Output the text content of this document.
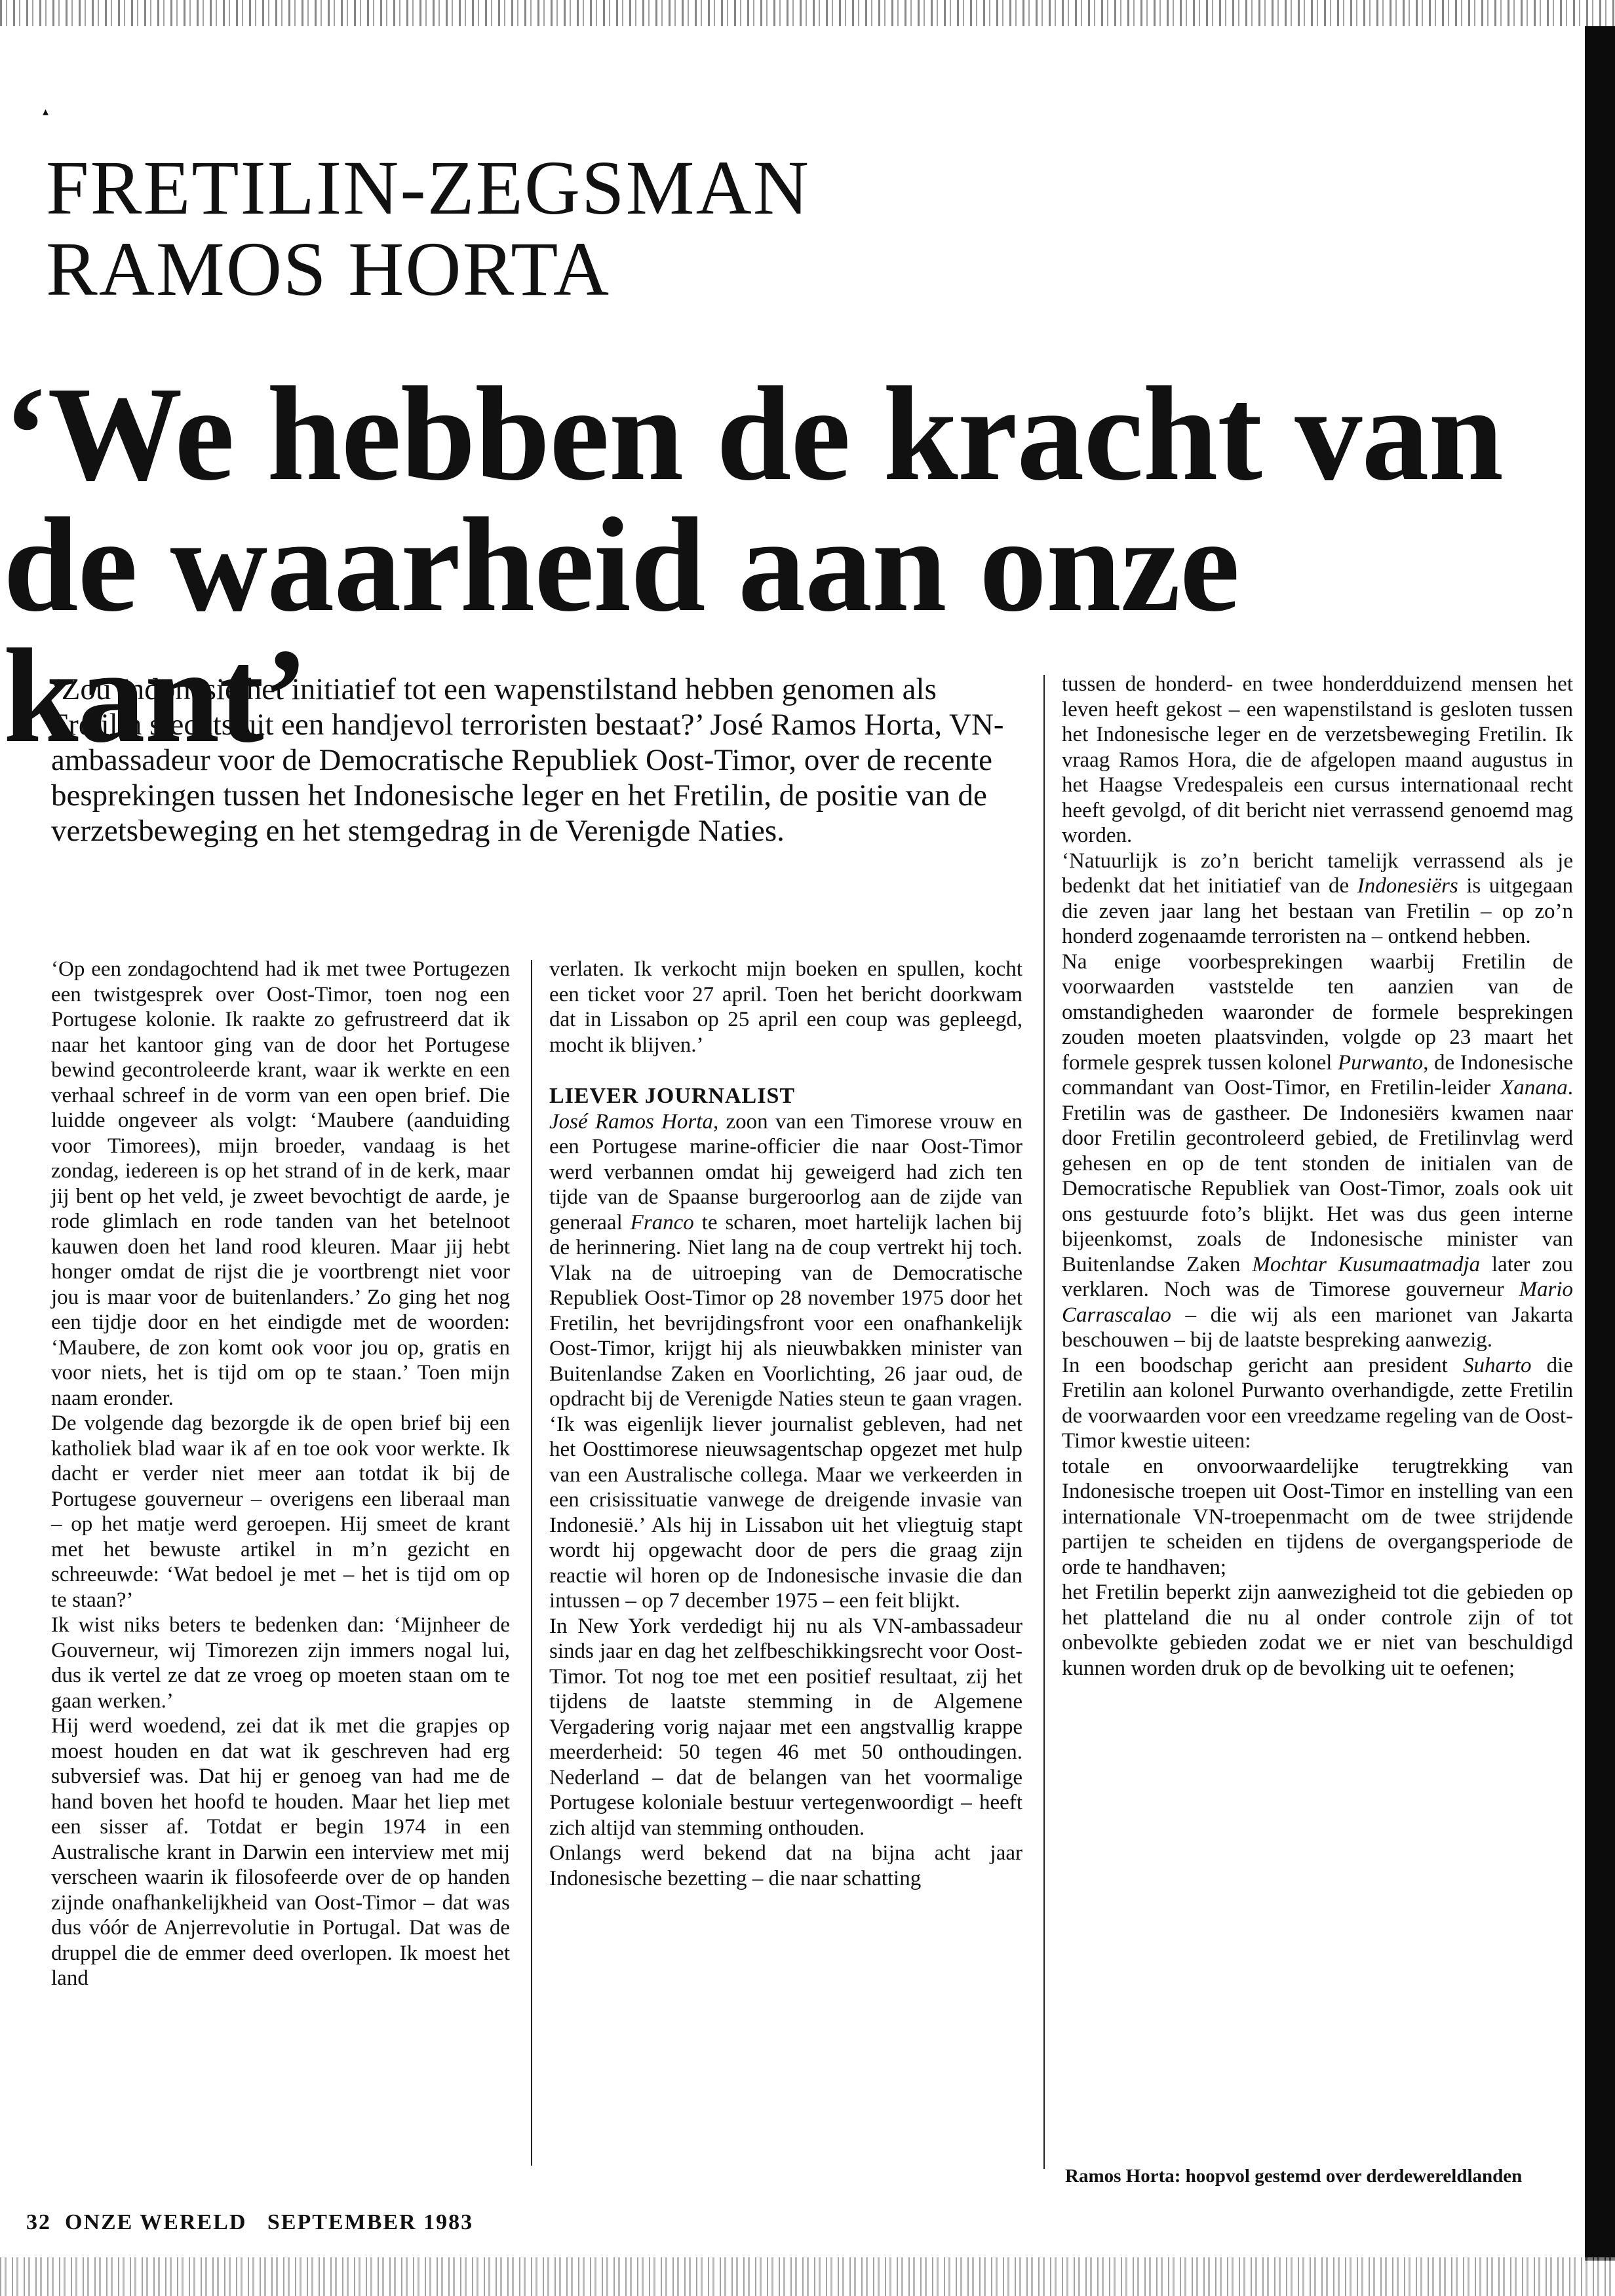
▴
FRETILIN-ZEGSMAN
RAMOS HORTA
‘We hebben de kracht van
de waarheid aan onze kant’

‘Zou Indonesië het initiatief tot een wapenstilstand hebben genomen als Fretilin slechts uit een handjevol terroristen bestaat?’ José Ramos Horta, VN-ambassadeur voor de Democratische Republiek Oost-Timor, over de recente besprekingen tussen het Indonesische leger en het Fretilin, de positie van de verzetsbeweging en het stemgedrag in de Verenigde Naties.

‘Op een zondagochtend had ik met twee Portugezen een twistgesprek over Oost-Timor, toen nog een Portugese kolonie. Ik raakte zo gefrustreerd dat ik naar het kantoor ging van de door het Portugese bewind gecontroleerde krant, waar ik werkte en een verhaal schreef in de vorm van een open brief. Die luidde ongeveer als volgt: ‘Maubere (aanduiding voor Timorees), mijn broeder, vandaag is het zondag, iedereen is op het strand of in de kerk, maar jij bent op het veld, je zweet bevochtigt de aarde, je rode glimlach en rode tanden van het betelnoot kauwen doen het land rood kleuren. Maar jij hebt honger omdat de rijst die je voortbrengt niet voor jou is maar voor de buitenlanders.’ Zo ging het nog een tijdje door en het eindigde met de woorden: ‘Maubere, de zon komt ook voor jou op, gratis en voor niets, het is tijd om op te staan.’ Toen mijn naam eronder.

De volgende dag bezorgde ik de open brief bij een katholiek blad waar ik af en toe ook voor werkte. Ik dacht er verder niet meer aan totdat ik bij de Portugese gouverneur – overigens een liberaal man – op het matje werd geroepen. Hij smeet de krant met het bewuste artikel in m’n gezicht en schreeuwde: ‘Wat bedoel je met – het is tijd om op te staan?’

Ik wist niks beters te bedenken dan: ‘Mijnheer de Gouverneur, wij Timorezen zijn immers nogal lui, dus ik vertel ze dat ze vroeg op moeten staan om te gaan werken.’

Hij werd woedend, zei dat ik met die grapjes op moest houden en dat wat ik geschreven had erg subversief was. Dat hij er genoeg van had me de hand boven het hoofd te houden. Maar het liep met een sisser af. Totdat er begin 1974 in een Australische krant in Darwin een interview met mij verscheen waarin ik filosofeerde over de op handen zijnde onafhankelijkheid van Oost-Timor – dat was dus vóór de Anjerrevolutie in Portugal. Dat was de druppel die de emmer deed overlopen. Ik moest het land

verlaten. Ik verkocht mijn boeken en spullen, kocht een ticket voor 27 april. Toen het bericht doorkwam dat in Lissabon op 25 april een coup was gepleegd, mocht ik blijven.’

LIEVER JOURNALIST

José Ramos Horta, zoon van een Timorese vrouw en een Portugese marine-officier die naar Oost-Timor werd verbannen omdat hij geweigerd had zich ten tijde van de Spaanse burgeroorlog aan de zijde van generaal Franco te scharen, moet hartelijk lachen bij de herinnering. Niet lang na de coup vertrekt hij toch. Vlak na de uitroeping van de Democratische Republiek Oost-Timor op 28 november 1975 door het Fretilin, het bevrijdingsfront voor een onafhankelijk Oost-Timor, krijgt hij als nieuwbakken minister van Buitenlandse Zaken en Voorlichting, 26 jaar oud, de opdracht bij de Verenigde Naties steun te gaan vragen. ‘Ik was eigenlijk liever journalist gebleven, had net het Oosttimorese nieuwsagentschap opgezet met hulp van een Australische collega. Maar we verkeerden in een crisissituatie vanwege de dreigende invasie van Indonesië.’ Als hij in Lissabon uit het vliegtuig stapt wordt hij opgewacht door de pers die graag zijn reactie wil horen op de Indonesische invasie die dan intussen – op 7 december 1975 – een feit blijkt.

In New York verdedigt hij nu als VN-ambassadeur sinds jaar en dag het zelfbeschikkingsrecht voor Oost-Timor. Tot nog toe met een positief resultaat, zij het tijdens de laatste stemming in de Algemene Vergadering vorig najaar met een angstvallig krappe meerderheid: 50 tegen 46 met 50 onthoudingen. Nederland – dat de belangen van het voormalige Portugese koloniale bestuur vertegenwoordigt – heeft zich altijd van stemming onthouden.

Onlangs werd bekend dat na bijna acht jaar Indonesische bezetting – die naar schatting

tussen de honderd- en twee honderdduizend mensen het leven heeft gekost – een wapenstilstand is gesloten tussen het Indonesische leger en de verzetsbeweging Fretilin. Ik vraag Ramos Hora, die de afgelopen maand augustus in het Haagse Vredespaleis een cursus internationaal recht heeft gevolgd, of dit bericht niet verrassend genoemd mag worden.

‘Natuurlijk is zo’n bericht tamelijk verrassend als je bedenkt dat het initiatief van de Indonesiërs is uitgegaan die zeven jaar lang het bestaan van Fretilin – op zo’n honderd zogenaamde terroristen na – ontkend hebben.

Na enige voorbesprekingen waarbij Fretilin de voorwaarden vaststelde ten aanzien van de omstandigheden waaronder de formele besprekingen zouden moeten plaatsvinden, volgde op 23 maart het formele gesprek tussen kolonel Purwanto, de Indonesische commandant van Oost-Timor, en Fretilin-leider Xanana. Fretilin was de gastheer. De Indonesiërs kwamen naar door Fretilin gecontroleerd gebied, de Fretilinvlag werd gehesen en op de tent stonden de initialen van de Democratische Republiek van Oost-Timor, zoals ook uit ons gestuurde foto’s blijkt. Het was dus geen interne bijeenkomst, zoals de Indonesische minister van Buitenlandse Zaken Mochtar Kusumaatmadja later zou verklaren. Noch was de Timorese gouverneur Mario Carrascalao – die wij als een marionet van Jakarta beschouwen – bij de laatste bespreking aanwezig.

In een boodschap gericht aan president Suharto die Fretilin aan kolonel Purwanto overhandigde, zette Fretilin de voorwaarden voor een vreedzame regeling van de Oost-Timor kwestie uiteen:

totale en onvoorwaardelijke terugtrekking van Indonesische troepen uit Oost-Timor en instelling van een internationale VN-troepenmacht om de twee strijdende partijen te scheiden en tijdens de overgangsperiode de orde te handhaven;

het Fretilin beperkt zijn aanwezigheid tot die gebieden op het platteland die nu al onder controle zijn of tot onbevolkte gebieden zodat we er niet van beschuldigd kunnen worden druk op de bevolking uit te oefenen;

Ramos Horta: hoopvol gestemd over derdewereldlanden

32 ONZE WERELD SEPTEMBER 1983
